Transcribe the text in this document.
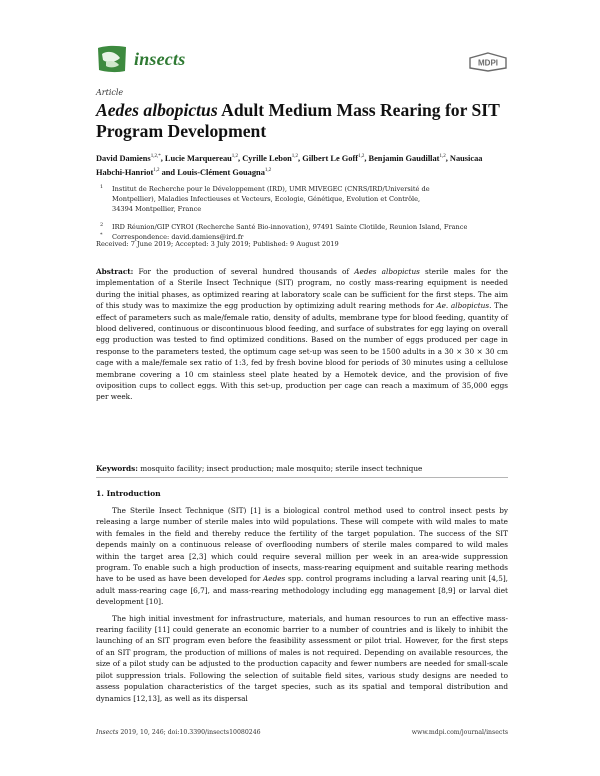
insects	MDPI
Article
Aedes albopictus Adult Medium Mass Rearing for SIT Program Development
David Damiens$^{1,2,*}$, Lucie Marquereau$^{1,2}$, Cyrille Lebon$^{1,2}$, Gilbert Le Goff$^{1,2}$, Benjamin Gaudillat$^{1,2}$, Nausicaa Habchi-Hanriot$^{1,2}$ and Louis-Clément Gouagna$^{1,2}$
1 Institut de Recherche pour le Développement (IRD), UMR MIVEGEC (CNRS/IRD/Université de
Montpellier), Maladies Infectieuses et Vecteurs, Ecologie, Génétique, Evolution et Contrôle,
34394 Montpellier, France
2 IRD Réunion/GIP CYROI (Recherche Santé Bio-innovation), 97491 Sainte Clotilde, Reunion Island, France
* Correspondence: david.damiens@ird.fr
Received: 7 June 2019; Accepted: 3 July 2019; Published: 9 August 2019
Abstract: For the production of several hundred thousands of Aedes albopictus sterile males for the implementation of a Sterile Insect Technique (SIT) program, no costly mass-rearing equipment is needed during the initial phases, as optimized rearing at laboratory scale can be sufficient for the first steps. The aim of this study was to maximize the egg production by optimizing adult rearing methods for Ae. albopictus. The effect of parameters such as male/female ratio, density of adults, membrane type for blood feeding, quantity of blood delivered, continuous or discontinuous blood feeding, and surface of substrates for egg laying on overall egg production was tested to find optimized conditions. Based on the number of eggs produced per cage in response to the parameters tested, the optimum cage set-up was seen to be 1500 adults in a 30 × 30 × 30 cm cage with a male/female sex ratio of 1:3, fed by fresh bovine blood for periods of 30 minutes using a cellulose membrane covering a 10 cm stainless steel plate heated by a Hemotek device, and the provision of five oviposition cups to collect eggs. With this set-up, production per cage can reach a maximum of 35,000 eggs per week.
Keywords: mosquito facility; insect production; male mosquito; sterile insect technique
1. Introduction

The Sterile Insect Technique (SIT) [1] is a biological control method used to control insect pests by releasing a large number of sterile males into wild populations. These will compete with wild males to mate with females in the field and thereby reduce the fertility of the target population. The success of the SIT depends mainly on a continuous release of overflooding numbers of sterile males compared to wild males within the target area [2,3] which could require several million per week in an area-wide suppression program. To enable such a high production of insects, mass-rearing equipment and suitable rearing methods have to be used as have been developed for Aedes spp. control programs including a larval rearing unit [4,5], adult mass-rearing cage [6,7], and mass-rearing methodology including egg management [8,9] or larval diet development [10].

The high initial investment for infrastructure, materials, and human resources to run an effective mass-rearing facility [11] could generate an economic barrier to a number of countries and is likely to inhibit the launching of an SIT program even before the feasibility assessment or pilot trial. However, for the first steps of an SIT program, the production of millions of males is not required. Depending on available resources, the size of a pilot study can be adjusted to the production capacity and fewer numbers are needed for small-scale pilot suppression trials. Following the selection of suitable field sites, various study designs are needed to assess population characteristics of the target species, such as its spatial and temporal distribution and dynamics [12,13], as well as its dispersal

Insects 2019, 10, 246; doi:10.3390/insects10080246	www.mdpi.com/journal/insects
